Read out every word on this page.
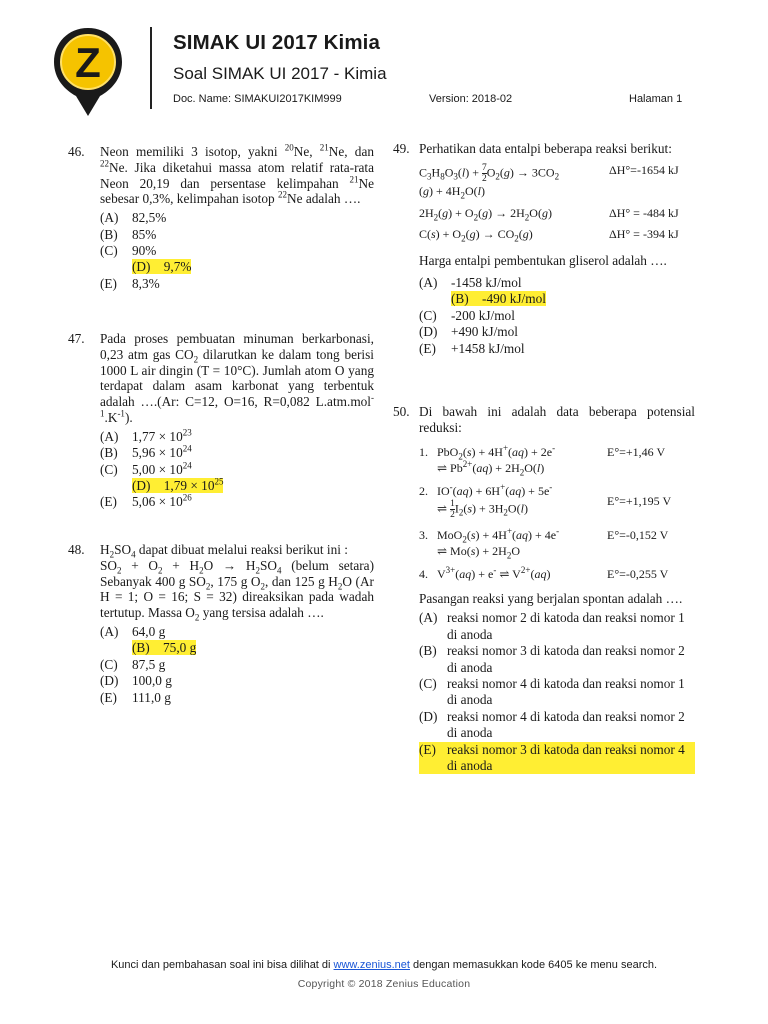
Z	SIMAK UI 2017 Kimia
Soal SIMAK UI 2017 - Kimia
Doc. Name: SIMAKUI2017KIM999	Version: 2018-02	Halaman 1
46. Neon memiliki 3 isotop, yakni $^{20}$Ne, $^{21}$Ne, dan $^{22}$Ne. Jika diketahui massa atom relatif rata-rata Neon 20,19 dan persentase kelimpahan $^{21}$Ne sebesar 0,3%, kelimpahan isotop $^{22}$Ne adalah ….
(A) 82,5%
(B) 85%
(C) 90%
(D) 9,7%
(E) 8,3%
47. Pada proses pembuatan minuman berkarbonasi, 0,23 atm gas $CO_2$ dilarutkan ke dalam tong berisi 1000 L air dingin (T = 10°C). Jumlah atom O yang terdapat dalam asam karbonat yang terbentuk adalah ….(Ar: C=12, O=16, R=0,082 $L.atm.mol^{-1}.K^{-1}$).
(A) $1,77 \times 10^{23}$
(B) $5,96 \times 10^{24}$
(C) $5,00 \times 10^{24}$
(D) $1,79 \times 10^{25}$
(E) $5,06 \times 10^{26}$
48. $H_2SO_4$ dapat dibuat melalui reaksi berikut ini :
$SO_2 + O_2 + H_2O \to H_2SO_4$ (belum setara) Sebanyak 400 g $SO_2$, 175 g $O_2$, dan 125 g $H_2O$ (Ar H = 1; O = 16; S = 32) direaksikan pada wadah tertutup. Massa $O_2$ yang tersisa adalah ….
(A) 64,0 g
(B) 75,0 g
(C) 87,5 g
(D) 100,0 g
(E) 111,0 g
49. Perhatikan data entalpi beberapa reaksi berikut:
$C_3H_8O_3(l) + \frac{7}{2} O_2(g) \to 3CO_2$
$(g) + 4H_2O(l)$	ΔH°=-1654 kJ
$2H_2(g) + O_2(g) \to 2H_2O(g)$	ΔH° = -484 kJ
$C(s) + O_2(g) \to CO_2(g)$	ΔH° = -394 kJ
Harga entalpi pembentukan gliserol adalah ….
(A) -1458 kJ/mol
(B) -490 kJ/mol
(C) -200 kJ/mol
(D) +490 kJ/mol
(E) +1458 kJ/mol
50. Di bawah ini adalah data beberapa potensial reduksi:
1.	PbO$_2$(s) + 4H+(aq) + 2e-
⇌ $Pb^{2+}(aq) + 2H_2O(l)$	E°=+1,46 V
2.	IO-(aq) + 6H+(aq) + 5e-
⇌ $\frac{1}{2} I_2(s) + 3H_2O(l)$	E°=+1,195 V
3.	MoO$_2$(s) + 4H+(aq) + 4e-
⇌ $Mo(s) + 2H_2O$	E°=-0,152 V
4.	$V^{3+}(aq) + e^-$ ⇌ $V^{2+}(aq)$	E°=-0,255 V
Pasangan reaksi yang berjalan spontan adalah ….
(A) reaksi nomor 2 di katoda dan reaksi nomor 1 di anoda
(B) reaksi nomor 3 di katoda dan reaksi nomor 2 di anoda
(C) reaksi nomor 4 di katoda dan reaksi nomor 1 di anoda
(D) reaksi nomor 4 di katoda dan reaksi nomor 2 di anoda
(E) reaksi nomor 3 di katoda dan reaksi nomor 4 di anoda
Kunci dan pembahasan soal ini bisa dilihat di www.zenius.net dengan memasukkan kode 6405 ke menu search.
Copyright © 2018 Zenius Education
